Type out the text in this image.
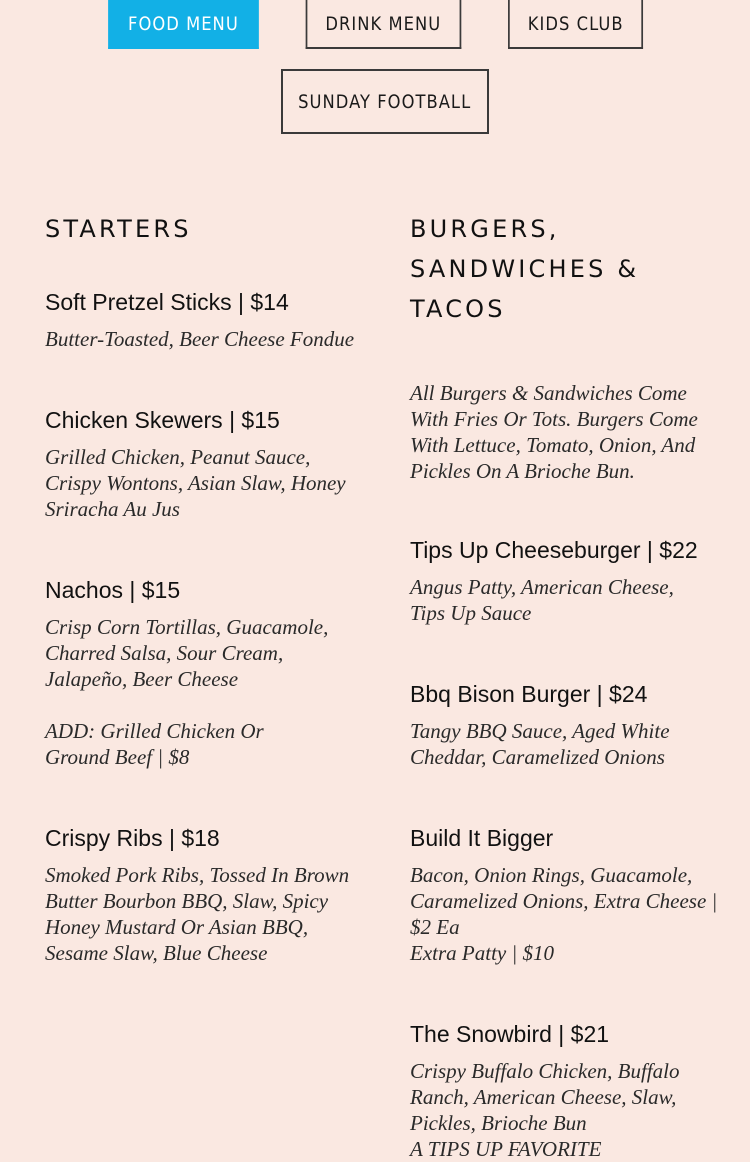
FOOD MENU	DRINK MENU	KIDS CLUB
SUNDAY FOOTBALL
STARTERS

Soft Pretzel Sticks | $14

Butter-Toasted, Beer Cheese Fondue

Chicken Skewers | $15

Grilled Chicken, Peanut Sauce,
Crispy Wontons, Asian Slaw, Honey
Sriracha Au Jus

Nachos | $15

Crisp Corn Tortillas, Guacamole,
Charred Salsa, Sour Cream,
Jalapeño, Beer Cheese

ADD: Grilled Chicken Or
Ground Beef | $8

Crispy Ribs | $18

Smoked Pork Ribs, Tossed In Brown
Butter Bourbon BBQ, Slaw, Spicy
Honey Mustard Or Asian BBQ,
Sesame Slaw, Blue Cheese

BURGERS,
SANDWICHES &
TACOS

All Burgers & Sandwiches Come
With Fries Or Tots. Burgers Come
With Lettuce, Tomato, Onion, And
Pickles On A Brioche Bun.

Tips Up Cheeseburger | $22

Angus Patty, American Cheese,
Tips Up Sauce

Bbq Bison Burger | $24

Tangy BBQ Sauce, Aged White
Cheddar, Caramelized Onions

Build It Bigger

Bacon, Onion Rings, Guacamole,
Caramelized Onions, Extra Cheese |
$2 Ea
Extra Patty | $10

The Snowbird | $21

Crispy Buffalo Chicken, Buffalo
Ranch, American Cheese, Slaw,
Pickles, Brioche Bun
A TIPS UP FAVORITE
